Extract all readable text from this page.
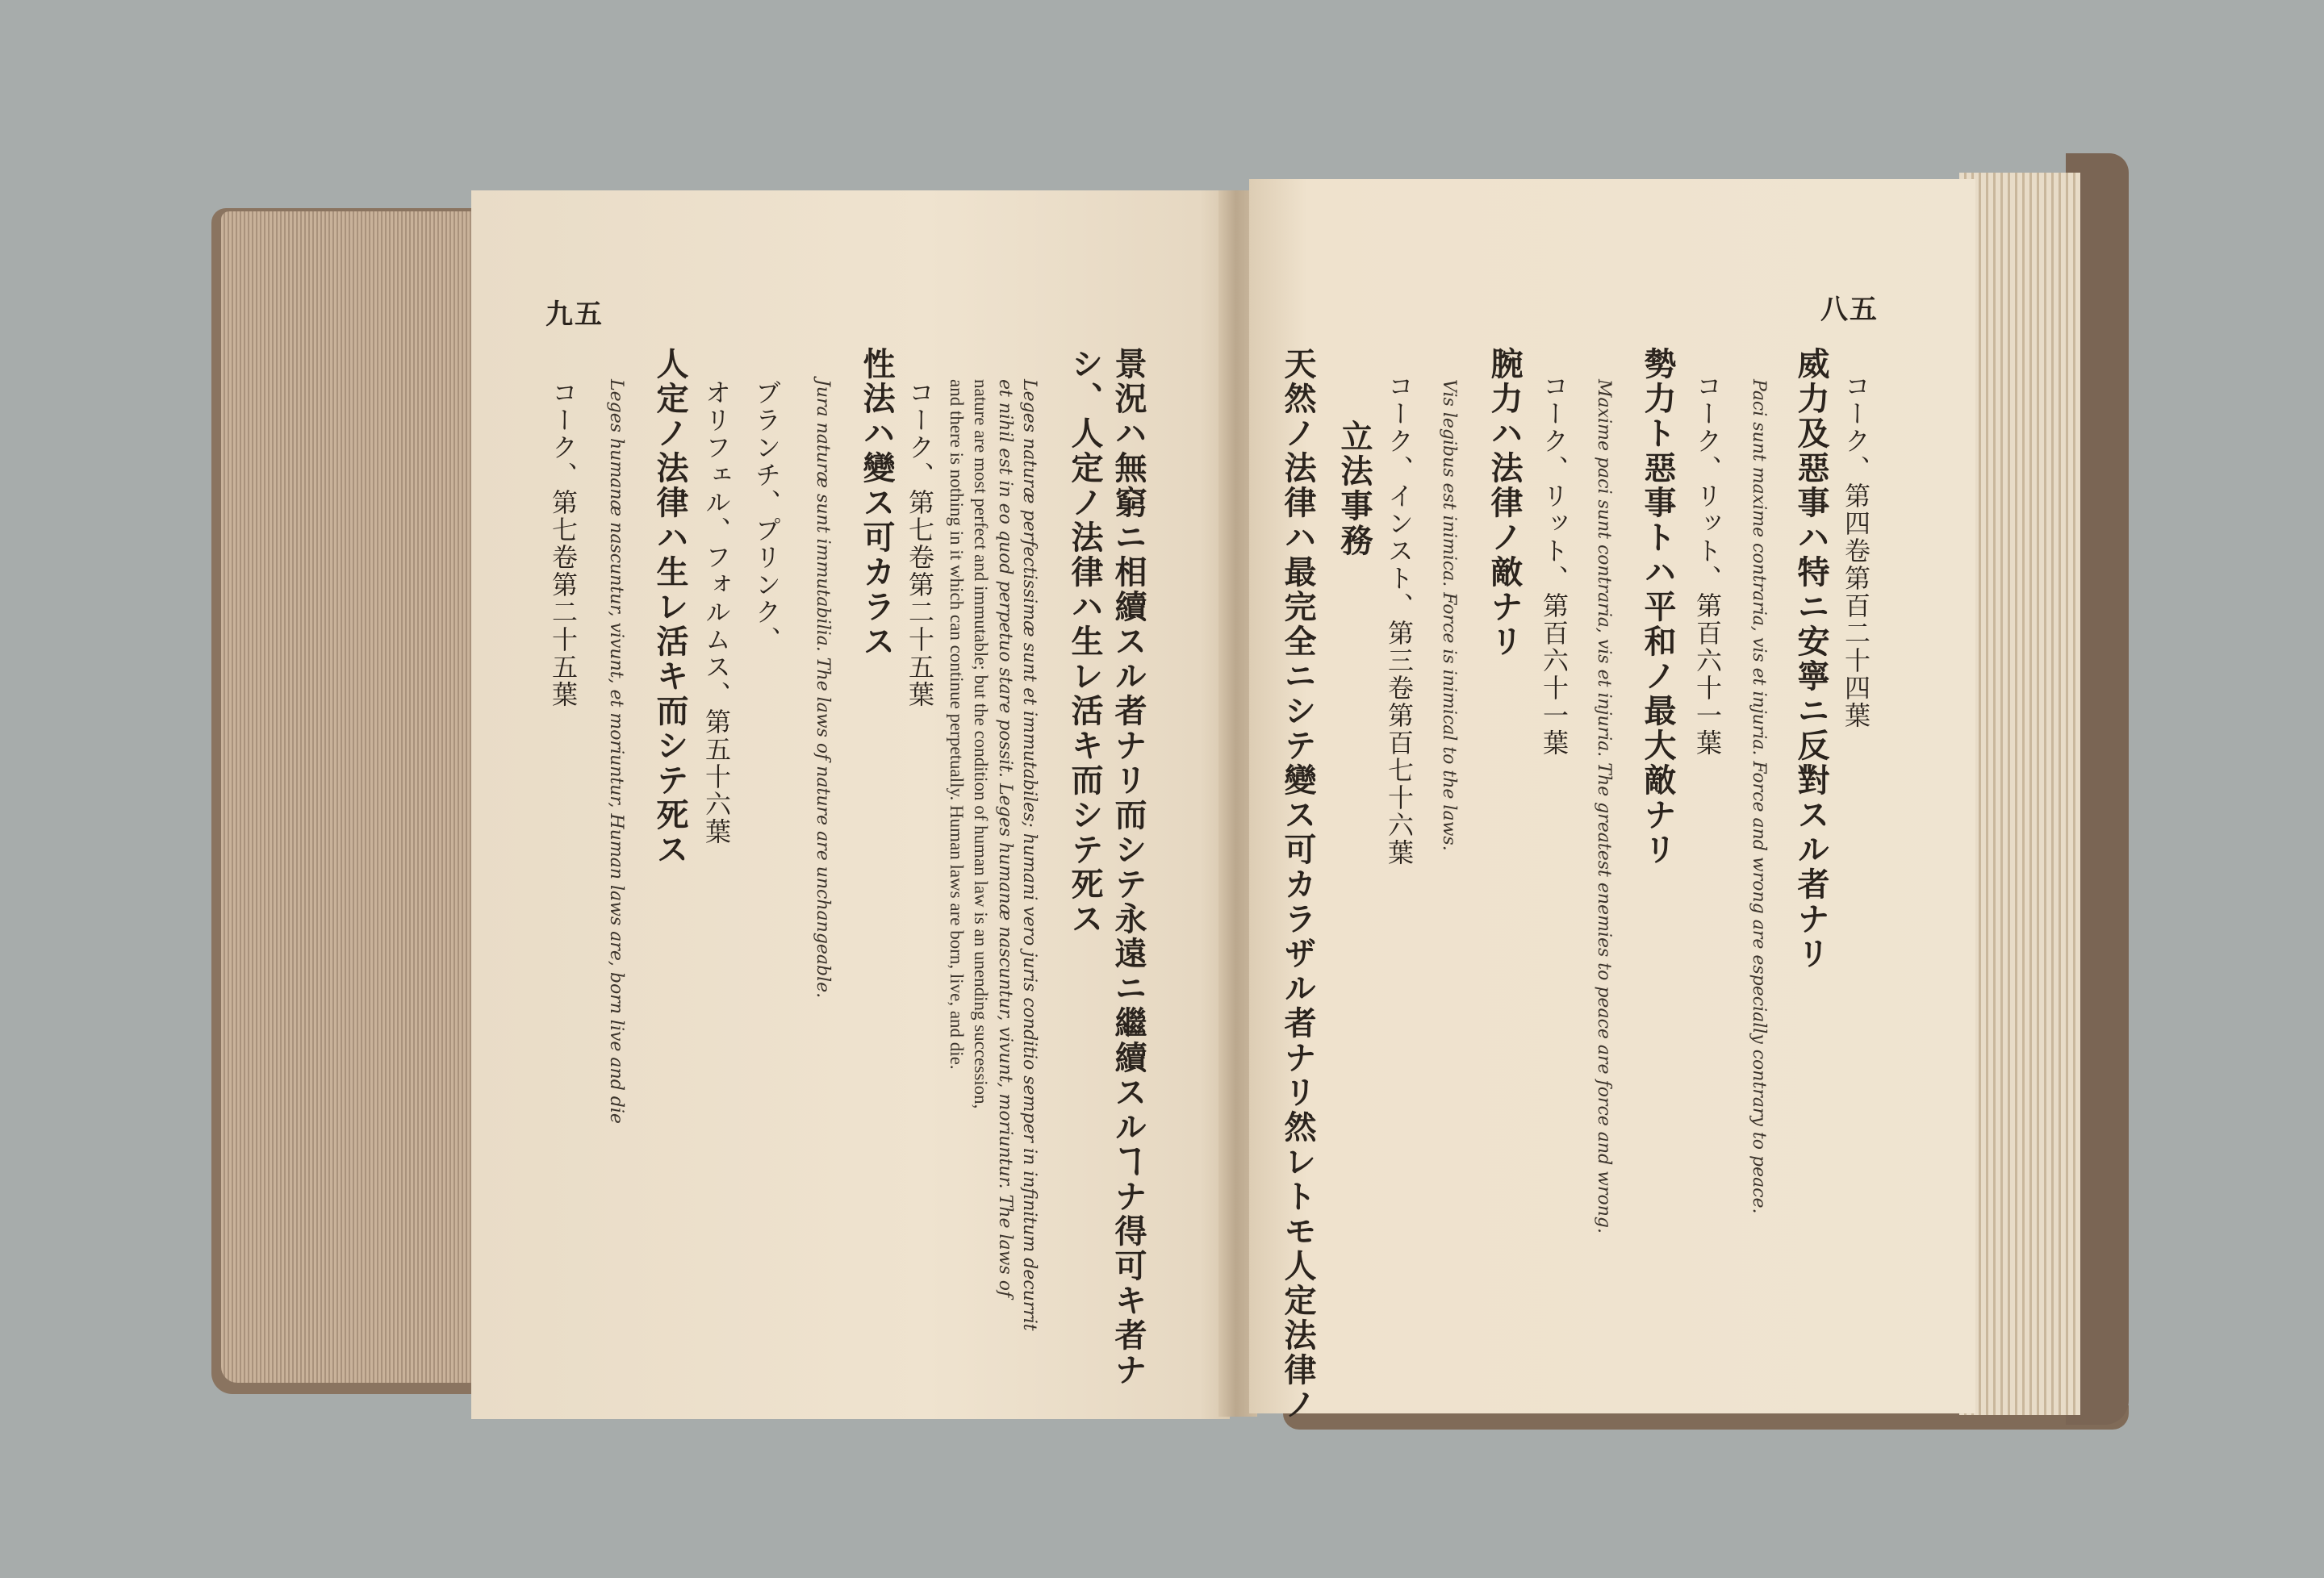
九五
景況ハ無窮ニ相續スル者ナリ而シテ永遠ニ繼續スルヿナ得可キ者ナ
シ、人定ノ法律ハ生レ活キ而シテ死ス
Leges naturæ perfectissimæ sunt et immutabiles; humani vero juris conditio semper in infinitum decurrit
et nihil est in eo quod perpetuo stare possit. Leges humanæ nascuntur, vivunt, moriuntur. The laws of
nature are most perfect and immutable; but the condition of human law is an unending succession,
and there is nothing in it which can continue perpetually. Human laws are born, live, and die.
コーク、第七卷第二十五葉
性法ハ變ス可カラス
Jura naturæ sunt immutabilia. The laws of nature are unchangeable.
ブランチ、プリンク、
オリフェル、フォルムス、第五十六葉
人定ノ法律ハ生レ活キ而シテ死ス
Leges humanæ nascuntur, vivunt, et moriuntur, Human laws are, born live and die
コーク、第七卷第二十五葉
八五
コーク、第四卷第百二十四葉
威力及惡事ハ特ニ安寧ニ反對スル者ナリ
Paci sunt maxime contraria, vis et injuria. Force and wrong are especially contrary to peace.
コーク、リット、第百六十一葉
勢力ト惡事トハ平和ノ最大敵ナリ
Maxime paci sunt contraria, vis et injuria. The greatest enemies to peace are force and wrong.
コーク、リット、第百六十一葉
腕力ハ法律ノ敵ナリ
Vis legibus est inimica. Force is inimical to the laws.
コーク、インスト、第三卷第百七十六葉
立法事務
天然ノ法律ハ最完全ニシテ變ス可カラザル者ナリ然レトモ人定法律ノ
